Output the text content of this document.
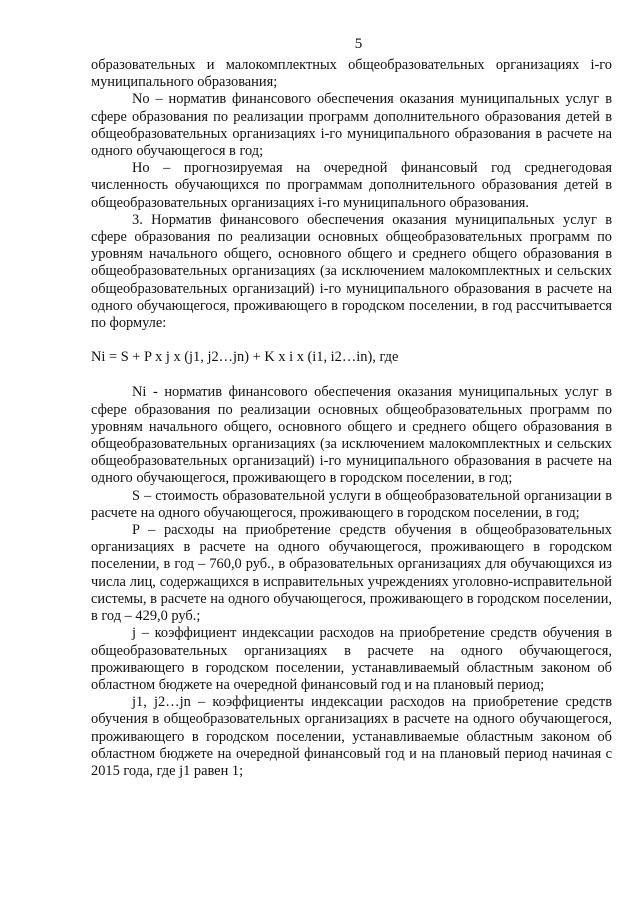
5

образовательных и малокомплектных общеобразовательных организациях i-го муниципального образования;

Nо – норматив финансового обеспечения оказания муниципальных услуг в сфере образования по реализации программ дополнительного образования детей в общеобразовательных организациях i-го муниципального образования в расчете на одного обучающегося в год;

Но – прогнозируемая на очередной финансовый год среднегодовая численность обучающихся по программам дополнительного образования детей в общеобразовательных организациях i-го муниципального образования.

3. Норматив финансового обеспечения оказания муниципальных услуг в сфере образования по реализации основных общеобразовательных программ по уровням начального общего, основного общего и среднего общего образования в общеобразовательных организациях (за исключением малокомплектных и сельских общеобразовательных организаций) i-го муниципального образования в расчете на одного обучающегося, проживающего в городском поселении, в год рассчитывается по формуле:

Ni = S + P x j x (j1, j2…jn) + K x i x (i1, i2…in), где

Ni - норматив финансового обеспечения оказания муниципальных услуг в сфере образования по реализации основных общеобразовательных программ по уровням начального общего, основного общего и среднего общего образования в общеобразовательных организациях (за исключением малокомплектных и сельских общеобразовательных организаций) i-го муниципального образования в расчете на одного обучающегося, проживающего в городском поселении, в год;

S – стоимость образовательной услуги в общеобразовательной организации в расчете на одного обучающегося, проживающего в городском поселении, в год;

P – расходы на приобретение средств обучения в общеобразовательных организациях в расчете на одного обучающегося, проживающего в городском поселении, в год – 760,0 руб., в образовательных организациях для обучающихся из числа лиц, содержащихся в исправительных учреждениях уголовно-исправительной системы, в расчете на одного обучающегося, проживающего в городском поселении, в год – 429,0 руб.;

j – коэффициент индексации расходов на приобретение средств обучения в общеобразовательных организациях в расчете на одного обучающегося, проживающего в городском поселении, устанавливаемый областным законом об областном бюджете на очередной финансовый год и на плановый период;

j1, j2…jn – коэффициенты индексации расходов на приобретение средств обучения в общеобразовательных организациях в расчете на одного обучающегося, проживающего в городском поселении, устанавливаемые областным законом об областном бюджете на очередной финансовый год и на плановый период начиная с 2015 года, где j1 равен 1;
